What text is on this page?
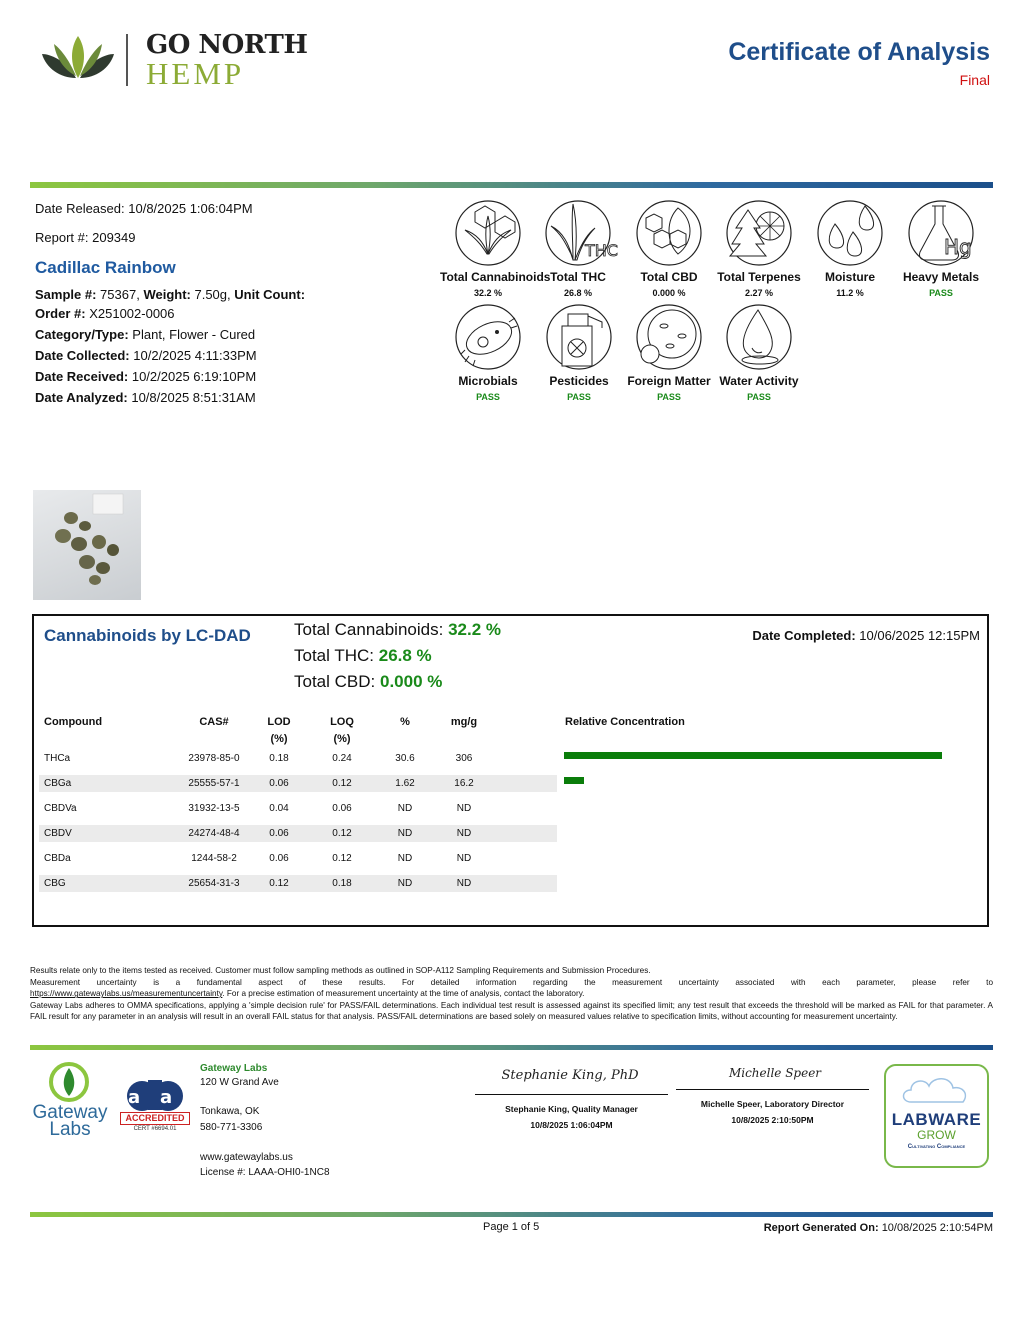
GO NORTH
HEMP
Certificate of Analysis
Final
Date Released: 10/8/2025 1:06:04PM
Report #: 209349
Cadillac Rainbow
Sample #: 75367, Weight: 7.50g, Unit Count:
Order #: X251002-0006
Category/Type: Plant, Flower - Cured
Date Collected: 10/2/2025 4:11:33PM
Date Received: 10/2/2025 6:19:10PM
Date Analyzed: 10/8/2025 8:51:31AM
Total Cannabinoids
32.2 %
THC
Total THC
26.8 %
Total CBD
0.000 %
Total Terpenes
2.27 %
Moisture
11.2 %
Hg
Heavy Metals
PASS
Microbials
PASS
Pesticides
PASS
Foreign Matter
PASS
Water Activity
PASS
Cannabinoids by LC-DAD	Total Cannabinoids: 32.2 %
Total THC: 26.8 %
Total CBD: 0.000 %
Date Completed: 10/06/2025 12:15PM
Compound	CAS#	LOD
(%)
LOQ
(%)
%	mg/g	Relative Concentration
THCa	23978-85-0	0.18	0.24	30.6	306
CBGa	25555-57-1	0.06	0.12	1.62	16.2
CBDVa	31932-13-5	0.04	0.06	ND	ND
CBDV	24274-48-4	0.06	0.12	ND	ND
CBDa	1244-58-2	0.06	0.12	ND	ND
CBG	25654-31-3	0.12	0.18	ND	ND
Results relate only to the items tested as received. Customer must follow sampling methods as outlined in SOP-A112 Sampling Requirements and Submission Procedures.
Measurement uncertainty is a fundamental aspect of these results. For detailed information regarding the measurement uncertainty associated with each parameter, please refer to
https://www.gatewaylabs.us/measurementuncertainty. For a precise estimation of measurement uncertainty at the time of analysis, contact the laboratory.
Gateway Labs adheres to OMMA specifications, applying a 'simple decision rule' for PASS/FAIL determinations. Each individual test result is assessed against its specified limit; any test result that exceeds the threshold will be marked as FAIL for that parameter. A FAIL result for any parameter in an analysis will result in an overall FAIL status for that analysis. PASS/FAIL determinations are based solely on measured values relative to specification limits, without accounting for measurement uncertainty.
Gateway
Labs
a a
ACCREDITED
CERT #6694.01
Gateway Labs
120 W Grand Ave
Tonkawa, OK
580-771-3306
www.gatewaylabs.us
License #: LAAA-OHI0-1NC8
Stephanie King, PhD
Stephanie King, Quality Manager
10/8/2025 1:06:04PM
Michelle Speer
Michelle Speer, Laboratory Director
10/8/2025 2:10:50PM	LABWARE
GROW
Cultivating Compliance
Page 1 of 5	Report Generated On: 10/08/2025 2:10:54PM
